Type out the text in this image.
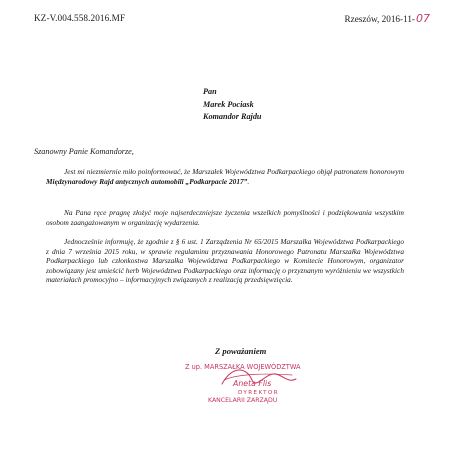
KZ-V.004.558.2016.MF	Rzeszów, 2016-11-07
Pan
Marek Pociask
Komandor Rajdu
Szanowny Panie Komandorze,
Jest mi niezmiernie miło poinformować, że Marszałek Województwa Podkarpackiego objął patronatem honorowym Międzynarodowy Rajd antycznych automobili „Podkarpacie 2017”.
Na Pana ręce pragnę złożyć moje najserdeczniejsze życzenia wszelkich pomyślności i podziękowania wszystkim osobom zaangażowanym w organizację wydarzenia.
Jednocześnie informuję, że zgodnie z § 6 ust. 1 Zarządzenia Nr 65/2015 Marszałka Województwa Podkarpackiego z dnia 7 września 2015 roku, w sprawie regulaminu przyznawania Honorowego Patronatu Marszałka Województwa Podkarpackiego lub członkostwa Marszałka Województwa Podkarpackiego w Komitecie Honorowym, organizator zobowiązany jest umieścić herb Województwa Podkarpackiego oraz informację o przyznanym wyróżnieniu we wszystkich materiałach promocyjno – informacyjnych związanych z realizacją przedsięwzięcia.
Z poważaniem
Z up. MARSZAŁKA WOJEWÓDZTWA
Aneta Flis
DYREKTOR
KANCELARII ZARZĄDU
